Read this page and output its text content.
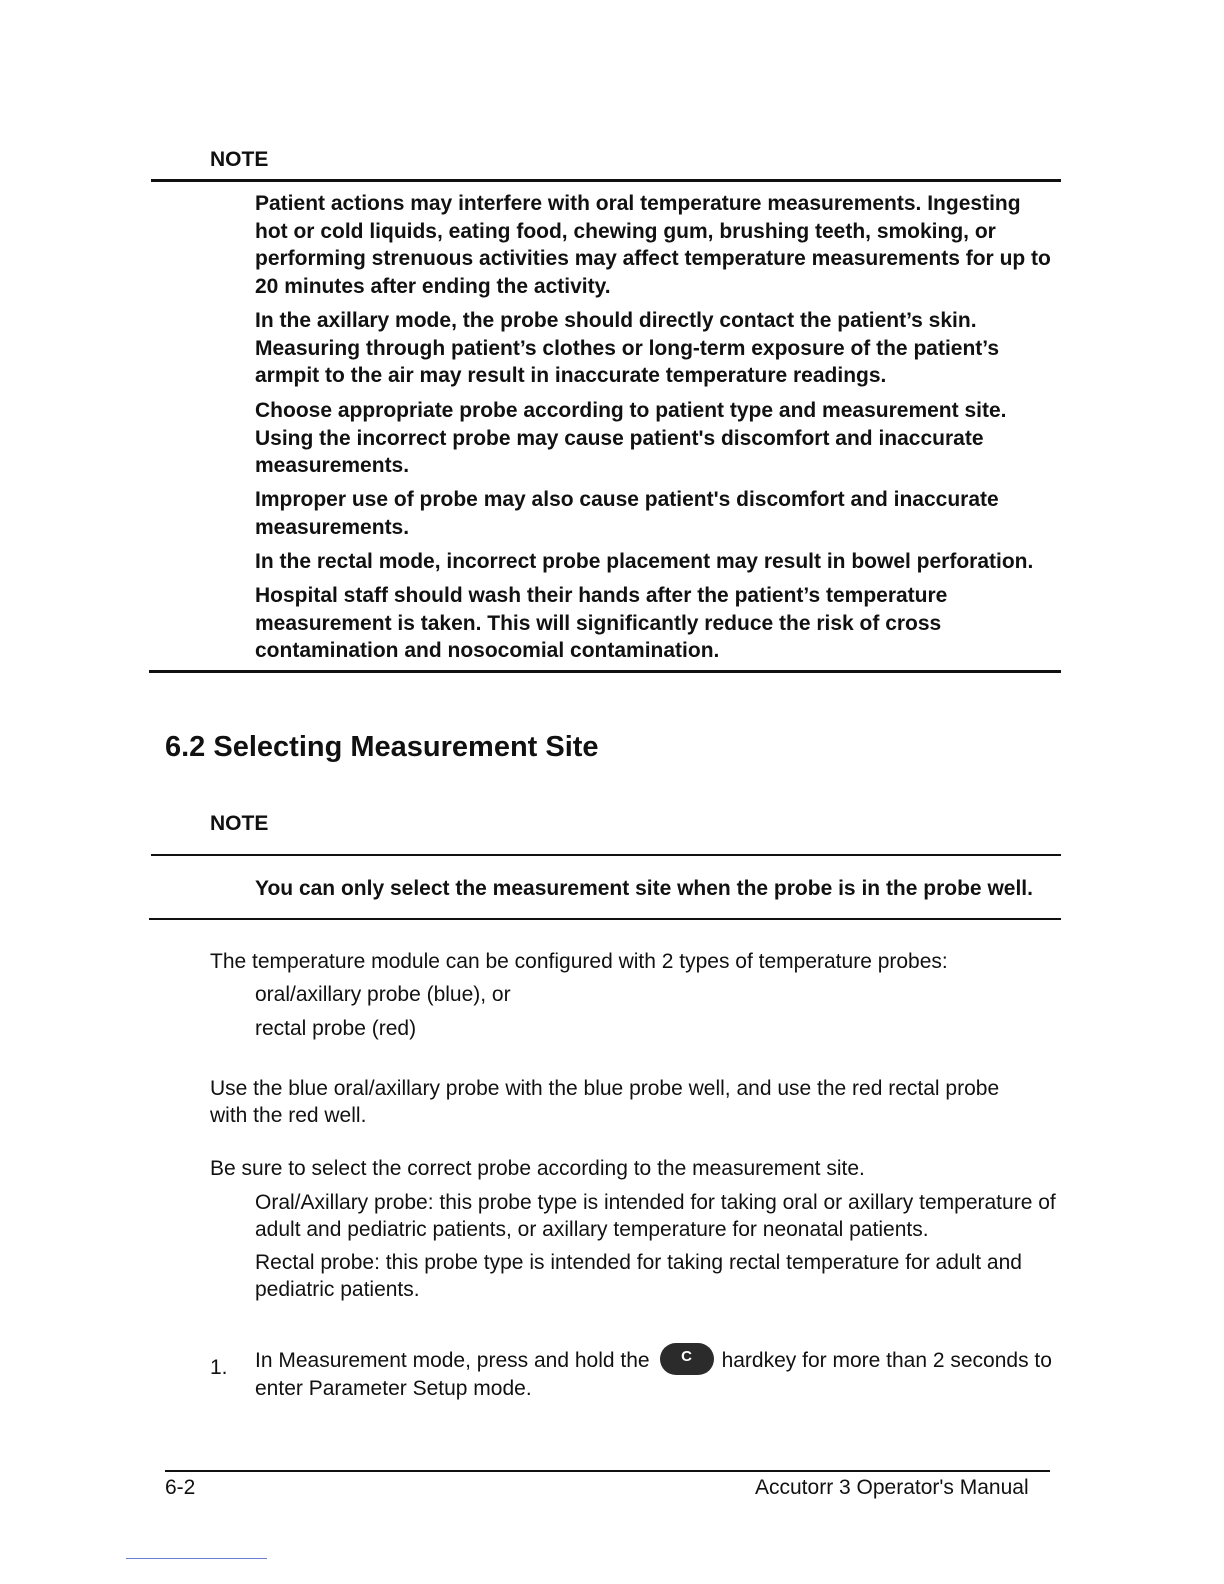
NOTE

Patient actions may interfere with oral temperature measurements. Ingesting hot or cold liquids, eating food, chewing gum, brushing teeth, smoking, or performing strenuous activities may affect temperature measurements for up to 20 minutes after ending the activity.

In the axillary mode, the probe should directly contact the patient’s skin. Measuring through patient’s clothes or long-term exposure of the patient’s armpit to the air may result in inaccurate temperature readings.

Choose appropriate probe according to patient type and measurement site. Using the incorrect probe may cause patient's discomfort and inaccurate measurements.

Improper use of probe may also cause patient's discomfort and inaccurate measurements.

In the rectal mode, incorrect probe placement may result in bowel perforation.

Hospital staff should wash their hands after the patient’s temperature measurement is taken. This will significantly reduce the risk of cross contamination and nosocomial contamination.

6.2 Selecting Measurement Site
NOTE

You can only select the measurement site when the probe is in the probe well.

The temperature module can be configured with 2 types of temperature probes:

oral/axillary probe (blue), or

rectal probe (red)

Use the blue oral/axillary probe with the blue probe well, and use the red rectal probe with the red well.

Be sure to select the correct probe according to the measurement site.

Oral/Axillary probe: this probe type is intended for taking oral or axillary temperature of adult and pediatric patients, or axillary temperature for neonatal patients.

Rectal probe: this probe type is intended for taking rectal temperature for adult and pediatric patients.

1. In Measurement mode, press and hold the C hardkey for more than 2 seconds to enter Parameter Setup mode.

6-2	Accutorr 3 Operator's Manual
